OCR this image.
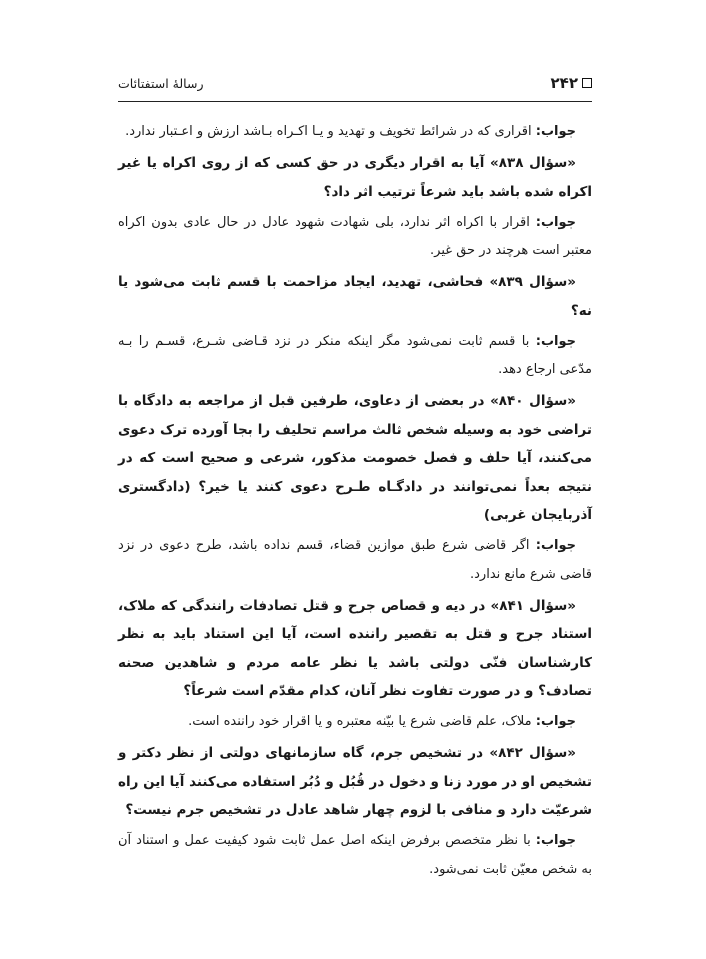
۲۴۲
رسالهٔ استفتائات

جواب: اقراری که در شرائط تخویف و تهدید و یـا اکـراه بـاشد ارزش و اعـتبار ندارد.

«سؤال ۸۳۸» آیا به اقرار دیگری در حق کسی که از روی اکراه یا غیر اکراه شده باشد باید شرعاً ترتیب اثر داد؟

جواب: اقرار با اکراه اثر ندارد، بلی شهادت شهود عادل در حال عادی بدون اکراه معتبر است هرچند در حق غیر.

«سؤال ۸۳۹» فحاشی، تهدید، ایجاد مزاحمت با قسم ثابت می‌شود یا نه؟

جواب: با قسم ثابت نمی‌شود مگر اینکه منکر در نزد قـاضی شـرع، قسـم را بـه مدّعی ارجاع دهد.

«سؤال ۸۴۰» در بعضی از دعاوی، طرفین قبل از مراجعه به دادگاه با تراضی خود به وسیله شخص ثالث مراسم تحلیف را بجا آورده ترک دعوی می‌کنند، آیا حلف و فصل خصومت مذکور، شرعی و صحیح است که در نتیجه بعداً نمی‌توانند در دادگـاه طـرح دعوی کنند یا خیر؟ (دادگستری آذربایجان غربی)

جواب: اگر قاضی شرع طبق موازین قضاء، قسم نداده باشد، طرح دعوی در نزد قاضی شرع مانع ندارد.

«سؤال ۸۴۱» در دیه و قصاص جرح و قتل تصادفات رانندگی که ملاک، استناد جرح و قتل به تقصیر راننده است، آیا این استناد باید به نظر کارشناسان فنّی دولتی باشد یا نظر عامه مردم و شاهدین صحنه تصادف؟ و در صورت تفاوت نظر آنان، کدام مقدّم است شرعاً؟

جواب: ملاک، علم قاضی شرع یا بیّنه معتبره و یا اقرار خود راننده است.

«سؤال ۸۴۲» در تشخیص جرم، گاه سازمانهای دولتی از نظر دکتر و تشخیص او در مورد زنا و دخول در قُبُل و دُبُر استفاده می‌کنند آیا این راه شرعیّت دارد و منافی با لزوم چهار شاهد عادل در تشخیص جرم نیست؟

جواب: با نظر متخصص برفرض اینکه اصل عمل ثابت شود کیفیت عمل و استناد آن به شخص معیّن ثابت نمی‌شود.
